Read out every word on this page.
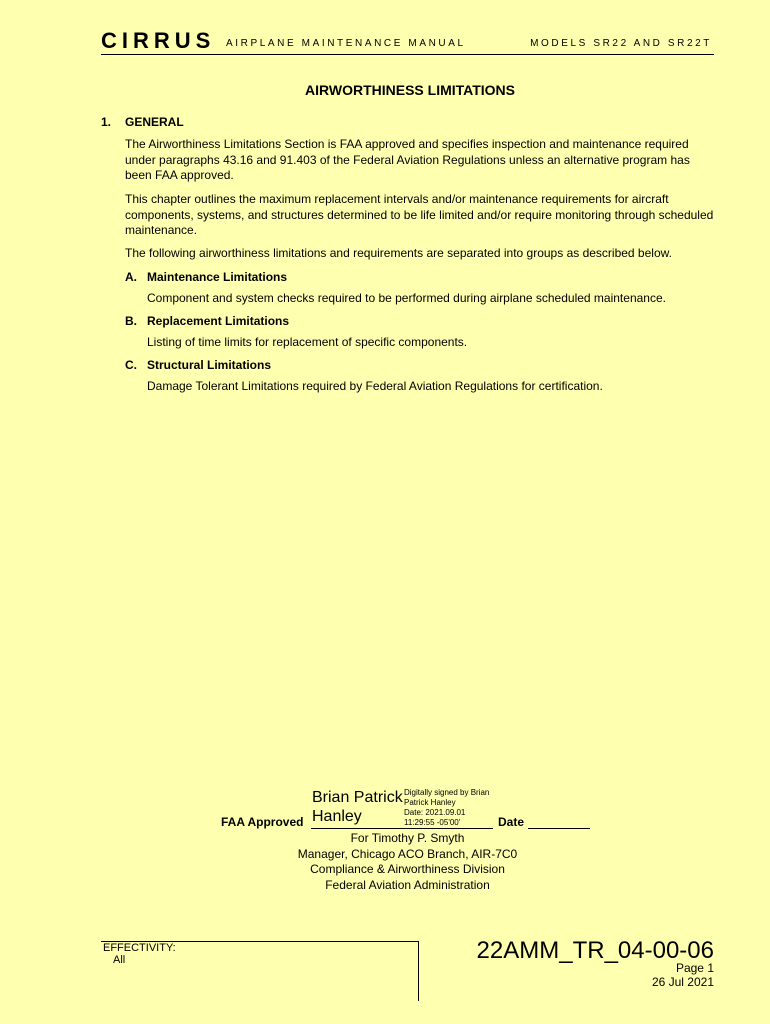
CIRRUS AIRPLANE MAINTENANCE MANUAL	MODELS SR22 AND SR22T
AIRWORTHINESS LIMITATIONS
1. GENERAL
The Airworthiness Limitations Section is FAA approved and specifies inspection and maintenance required under paragraphs 43.16 and 91.403 of the Federal Aviation Regulations unless an alternative program has been FAA approved.
This chapter outlines the maximum replacement intervals and/or maintenance requirements for aircraft components, systems, and structures determined to be life limited and/or require monitoring through scheduled maintenance.
The following airworthiness limitations and requirements are separated into groups as described below.
A. Maintenance Limitations
Component and system checks required to be performed during airplane scheduled maintenance.
B. Replacement Limitations
Listing of time limits for replacement of specific components.
C. Structural Limitations
Damage Tolerant Limitations required by Federal Aviation Regulations for certification.
Brian Patrick
Hanley
Digitally signed by Brian
Patrick Hanley
Date: 2021.09.01
11:29:55 -05'00'
FAA Approved	Date
For Timothy P. Smyth
Manager, Chicago ACO Branch, AIR-7C0
Compliance & Airworthiness Division
Federal Aviation Administration
EFFECTIVITY:
All	22AMM_TR_04-00-06
Page 1
26 Jul 2021
